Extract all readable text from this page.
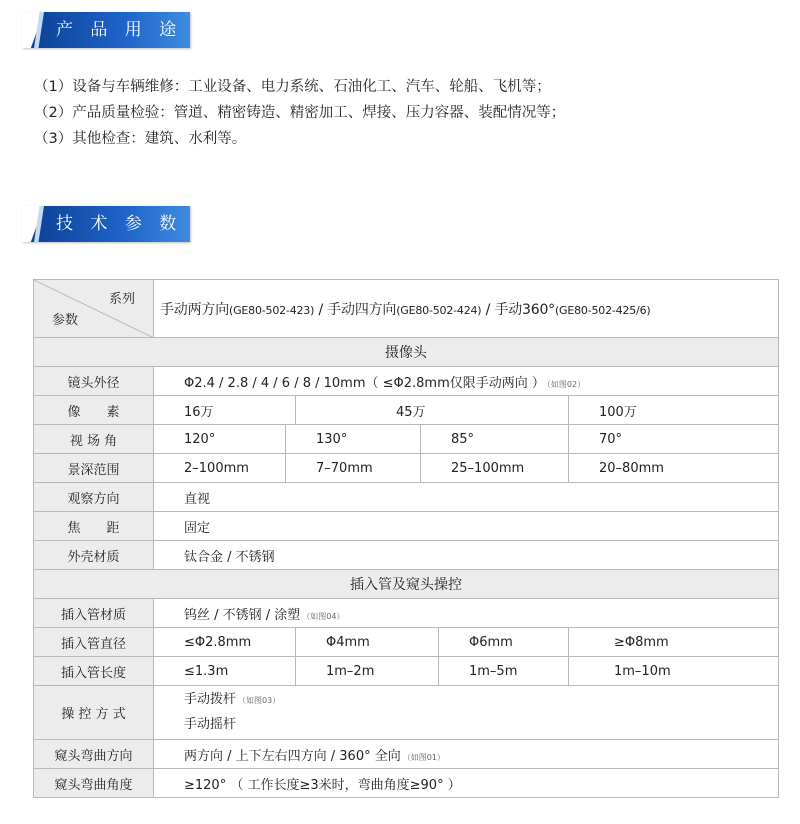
产 品 用 途
（1）设备与车辆维修：工业设备、电力系统、石油化工、汽车、轮船、飞机等；
（2）产品质量检验：管道、精密铸造、精密加工、焊接、压力容器、装配情况等；
（3）其他检查：建筑、水利等。
技 术 参 数
系列
参数	手动两方向(GE80-502-423) / 手动四方向(GE80-502-424) / 手动360°(GE80-502-425/6)					
摄像头						
镜头外径	Φ2.4 / 2.8 / 4 / 6 / 8 / 10mm（ ≤Φ2.8mm仅限手动两向 ） （如图02）					
像　　素	16万		45万			100万
视 场 角	120°	130°		85°		70°
景深范围	2–100mm	7–70mm		25–100mm		20–80mm
观察方向	直视					
焦　　距	固定					
外壳材质	钛合金 / 不锈钢					
插入管及窥头操控						
插入管材质	钨丝 / 不锈钢 / 涂塑 （如图04）					
插入管直径	≤Φ2.8mm		Φ4mm		Φ6mm	≥Φ8mm
插入管长度	≤1.3m		1m–2m		1m–5m	1m–10m
操 控 方 式	手动拨杆 （如图03）
手动摇杆					

窥头弯曲方向	两方向 / 上下左右四方向 / 360° 全向 （如图01）					
窥头弯曲角度	≥120° （ 工作长度≥3米时，弯曲角度≥90° ）					
